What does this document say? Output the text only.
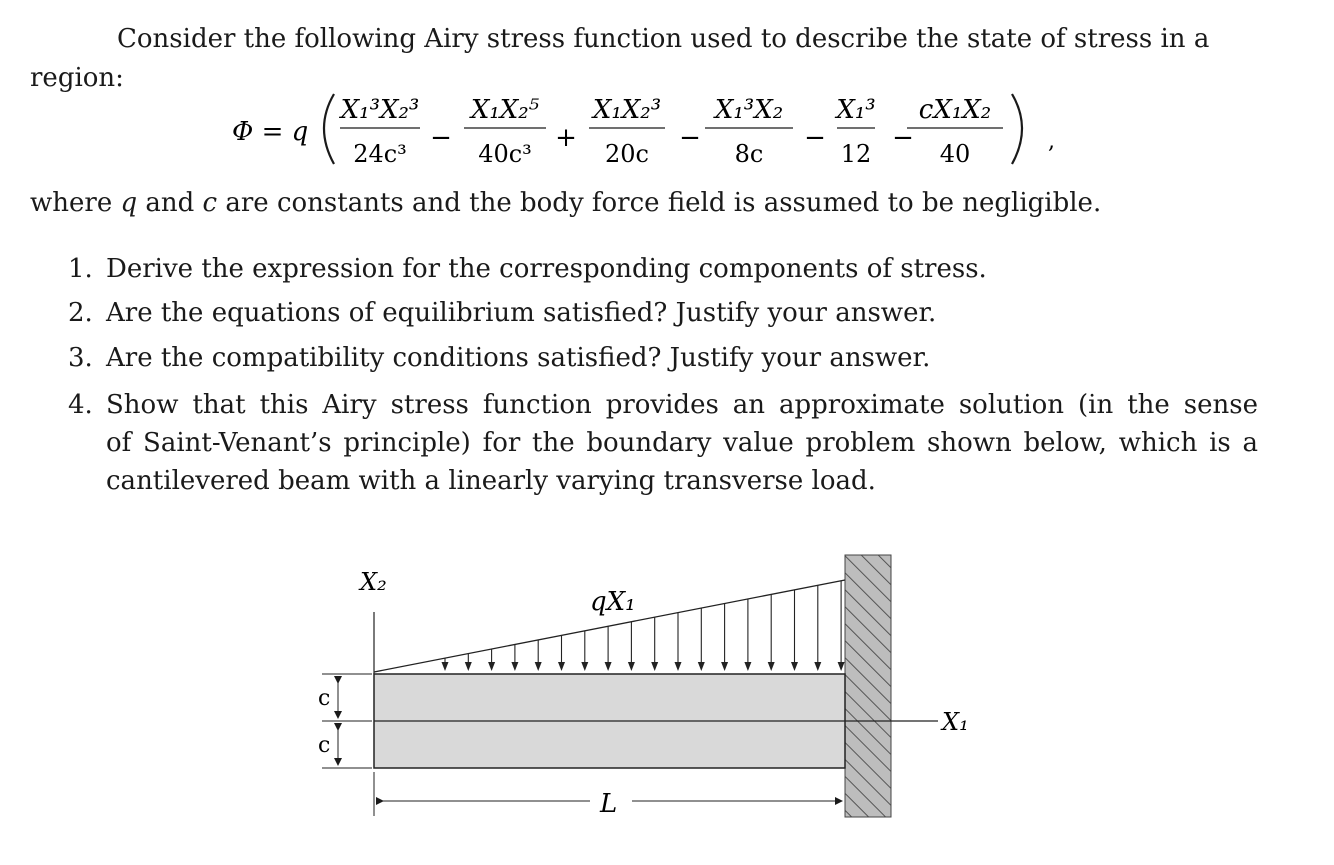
Consider the following Airy stress function used to describe the state of stress in a
region:
Φ = q
X₁³X₂³
24c³
−
X₁X₂⁵
40c³
+
X₁X₂³
20c
−
X₁³X₂
8c
−
X₁³
12
−
cX₁X₂
40	,
where q and c are constants and the body force field is assumed to be negligible.
1. Derive the expression for the corresponding components of stress.
2. Are the equations of equilibrium satisfied? Justify your answer.
3. Are the compatibility conditions satisfied? Justify your answer.
4. Show that this Airy stress function provides an approximate solution (in the sense
of Saint-Venant’s principle) for the boundary value problem shown below, which is a
cantilevered beam with a linearly varying transverse load.
X₁
X₂
qX₁
c
c
L
